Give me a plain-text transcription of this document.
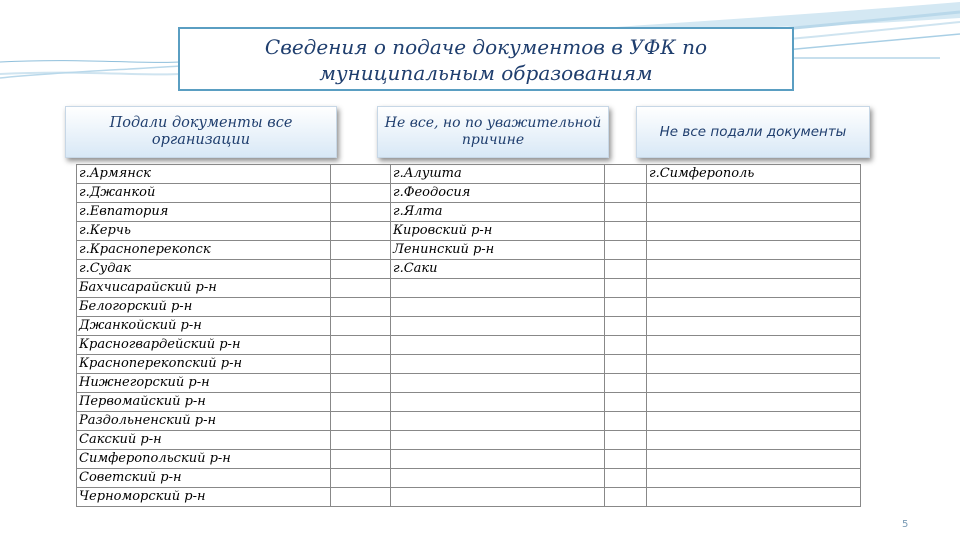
Сведения о подаче документов в УФК по
муниципальным образованиям
Подали документы все организации
Не все, но по уважительной причине
Не все подали документы
г.Армянск		г.Алушта		г.Симферополь
г.Джанкой		г.Феодосия		
г.Евпатория		г.Ялта		
г.Керчь		Кировский р-н		
г.Красноперекопск		Ленинский р-н		
г.Судак		г.Саки		
Бахчисарайский р-н				
Белогорский р-н				
Джанкойский р-н				
Красногвардейский р-н				
Красноперекопский р-н				
Нижнегорский р-н				
Первомайский р-н				
Раздольненский р-н				
Сакский р-н				
Симферопольский р-н				
Советский р-н				
Черноморский р-н				
5
